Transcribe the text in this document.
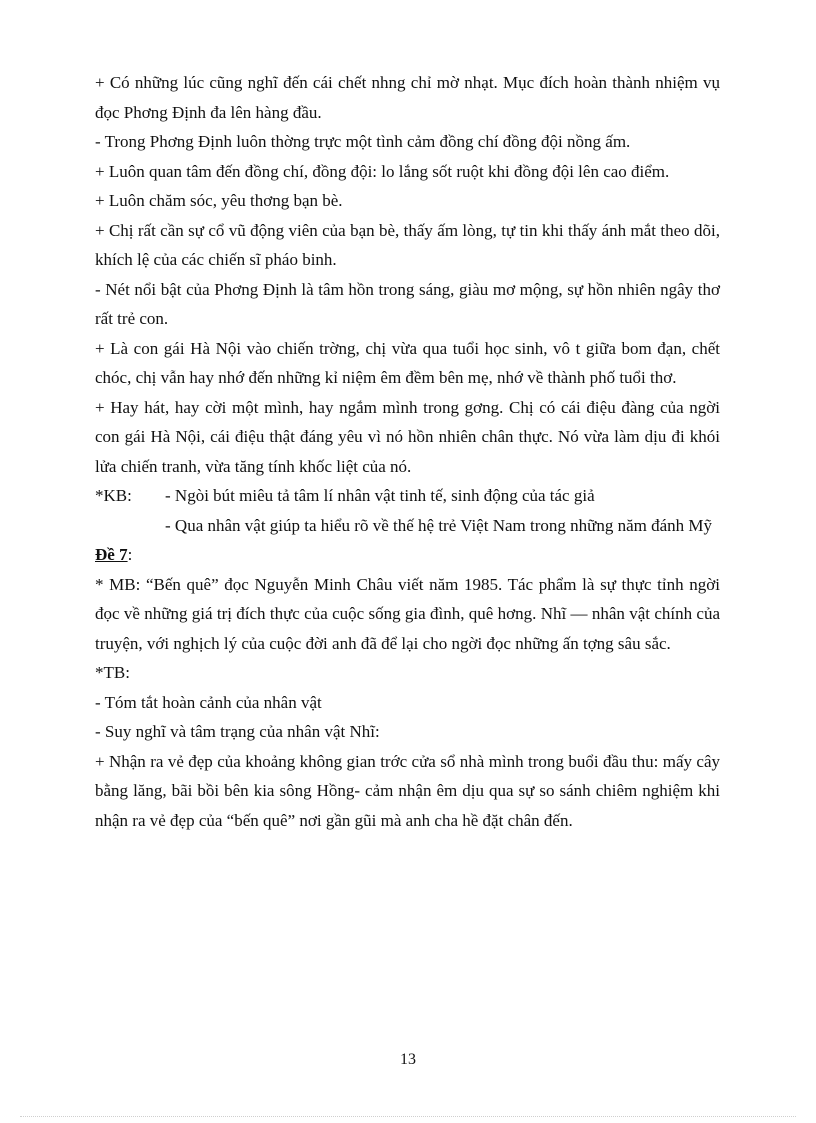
+ Có những lúc cũng nghĩ đến cái chết nhng chỉ mờ nhạt. Mục đích hoàn thành nhiệm vụ đọc Phơng Định đa lên hàng đầu.

- Trong Phơng Định luôn thờng trực một tình cảm đồng chí đồng đội nồng ấm.

+ Luôn quan tâm đến đồng chí, đồng đội: lo lắng sốt ruột khi đồng đội lên cao điểm.

+ Luôn chăm sóc, yêu thơng bạn bè.

+ Chị rất cần sự cổ vũ động viên của bạn bè, thấy ấm lòng, tự tin khi thấy ánh mắt theo dõi, khích lệ của các chiến sĩ pháo binh.

- Nét nổi bật của Phơng Định là tâm hồn trong sáng, giàu mơ mộng, sự hồn nhiên ngây thơ rất trẻ con.

+ Là con gái Hà Nội vào chiến trờng, chị vừa qua tuổi học sinh, vô t giữa bom đạn, chết chóc, chị vẫn hay nhớ đến những kỉ niệm êm đềm bên mẹ, nhớ về thành phố tuổi thơ.

+ Hay hát, hay cời một mình, hay ngắm mình trong gơng. Chị có cái điệu đàng của ngời con gái Hà Nội, cái điệu thật đáng yêu vì nó hồn nhiên chân thực. Nó vừa làm dịu đi khói lửa chiến tranh, vừa tăng tính khốc liệt của nó.

*KB:	- Ngòi bút miêu tả tâm lí nhân vật tinh tế, sinh động của tác giả

- Qua nhân vật giúp ta hiểu rõ về thế hệ trẻ Việt Nam trong những năm đánh Mỹ

Đề 7:

* MB: “Bến quê” đọc Nguyễn Minh Châu viết năm 1985. Tác phẩm là sự thực tỉnh ngời đọc về những giá trị đích thực của cuộc sống gia đình, quê hơng. Nhĩ — nhân vật chính của truyện, với nghịch lý của cuộc đời anh đã để lại cho ngời đọc những ấn tợng sâu sắc.

*TB:

- Tóm tắt hoàn cảnh của nhân vật

- Suy nghĩ và tâm trạng của nhân vật Nhĩ:

+ Nhận ra vẻ đẹp của khoảng không gian trớc cửa sổ nhà mình trong buổi đầu thu: mấy cây bằng lăng, bãi bồi bên kia sông Hồng- cảm nhận êm dịu qua sự so sánh chiêm nghiệm khi nhận ra vẻ đẹp của “bến quê” nơi gần gũi mà anh cha hề đặt chân đến.

13
